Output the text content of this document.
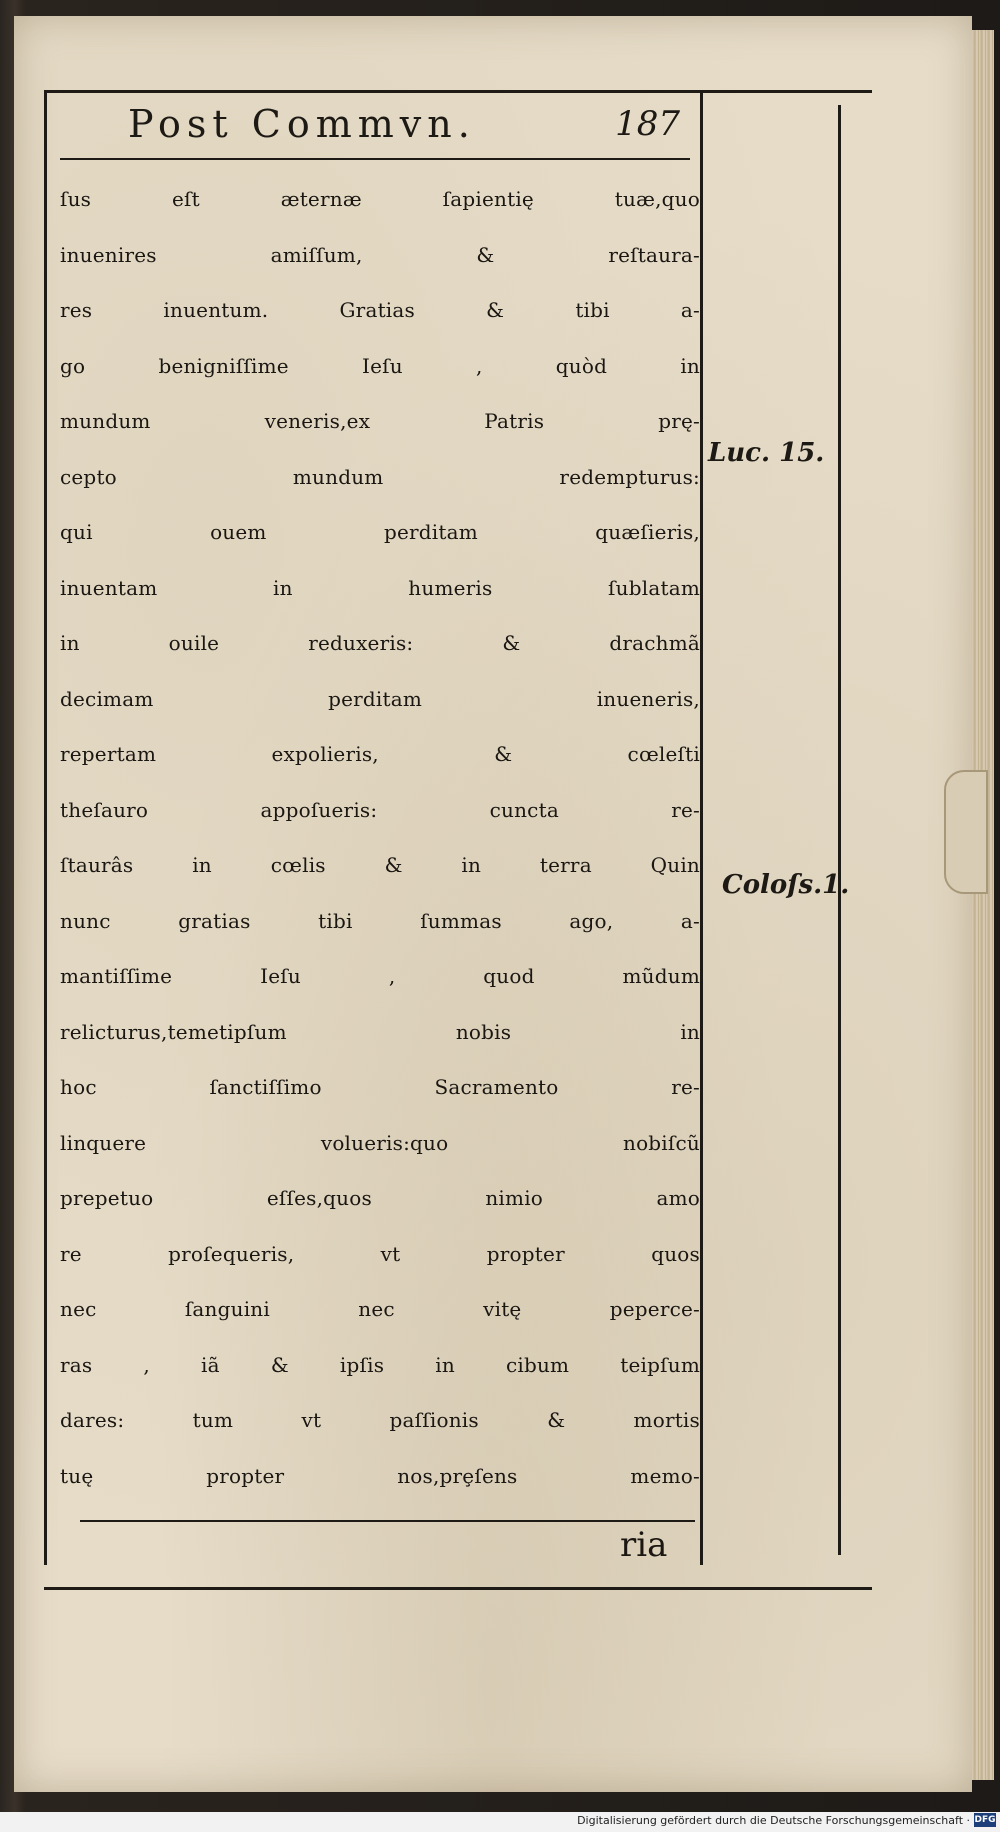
Post Commvn.	187
ſus eſt æternæ ſapientię tuæ,quo
inuenires amiſſum, & reſtaura-
res inuentum. Gratias & tibi a-
go benigniſſime Ieſu , quòd in
mundum veneris,ex Patris prę-
cepto mundum redempturus:
qui ouem perditam quæſieris,
inuentam in humeris ſublatam
in ouile reduxeris: & drachmã
decimam perditam inueneris,
repertam expolieris, & cœleſti
theſauro appoſueris: cuncta re-
ſtaurâs in cœlis & in terra Quin
nunc gratias tibi ſummas ago, a-
mantiſſime Ieſu , quod mũdum
relicturus,temetipſum nobis in
hoc ſanctiſſimo Sacramento re-
linquere volueris:quo nobiſcũ
prepetuo eſſes,quos nimio amo
re proſequeris, vt propter quos
nec ſanguini nec vitę peperce-
ras , iã & ipſis in cibum teipſum
dares: tum vt paſſionis & mortis
tuę propter nos,prȩſens memo-
ria
Luc. 15.
Coloſs.1.
Digitalisierung gefördert durch die Deutsche Forschungsgemeinschaft · DFG
